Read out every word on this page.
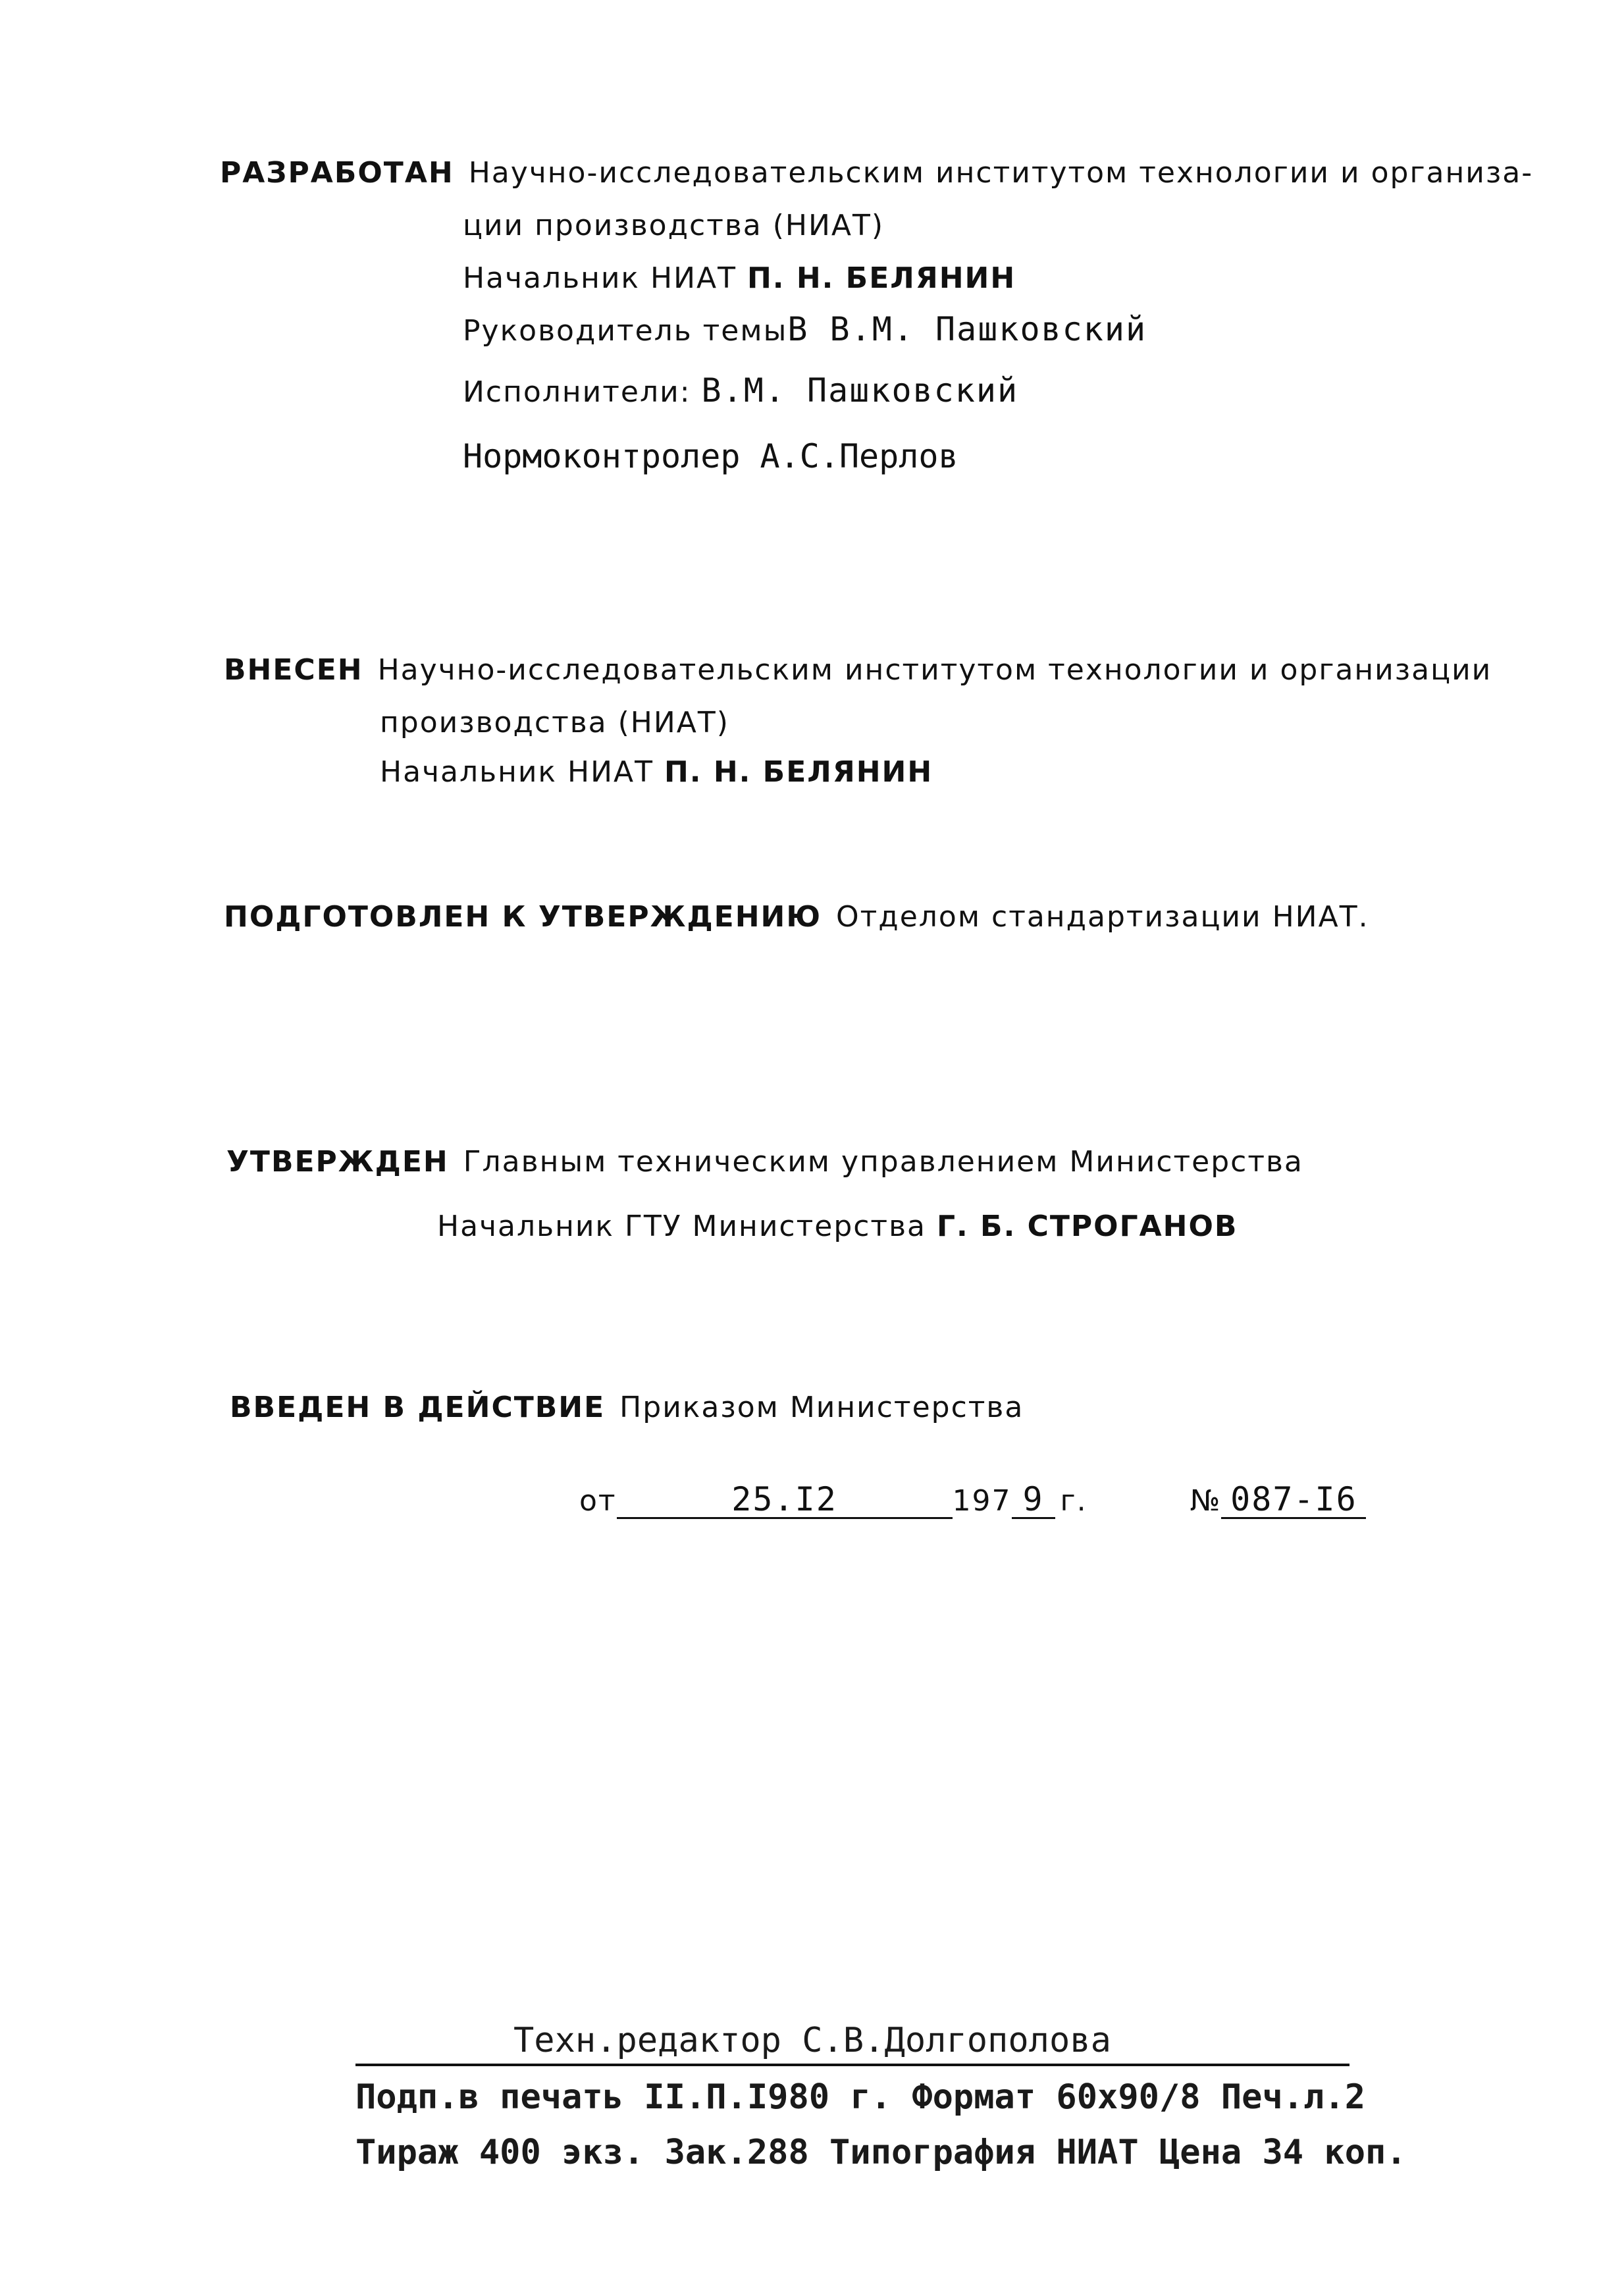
РАЗРАБОТАН Научно-исследовательским институтом технологии и организа-
ции производства (НИАТ)
Начальник НИАТ П. Н. БЕЛЯНИН
Руководитель темыВ В.М. Пашковский
Исполнители: В.М. Пашковский
Нормоконтролер А.С.Перлов
ВНЕСЕН Научно-исследовательским институтом технологии и организации
производства (НИАТ)
Начальник НИАТ П. Н. БЕЛЯНИН
ПОДГОТОВЛЕН К УТВЕРЖДЕНИЮ Отделом стандартизации НИАТ.
УТВЕРЖДЕН Главным техническим управлением Министерства
Начальник ГТУ Министерства Г. Б. СТРОГАНОВ
ВВЕДЕН В ДЕЙСТВИЕ Приказом Министерства
от	25.I2	197 9 г.	№ 087-I6
Техн.редактор С.В.Долгополова
Подп.в печать II.П.I980 г. Формат 60х90/8 Печ.л.2
Тираж 400 экз. Зак.288 Типография НИАТ Цена 34 коп.
